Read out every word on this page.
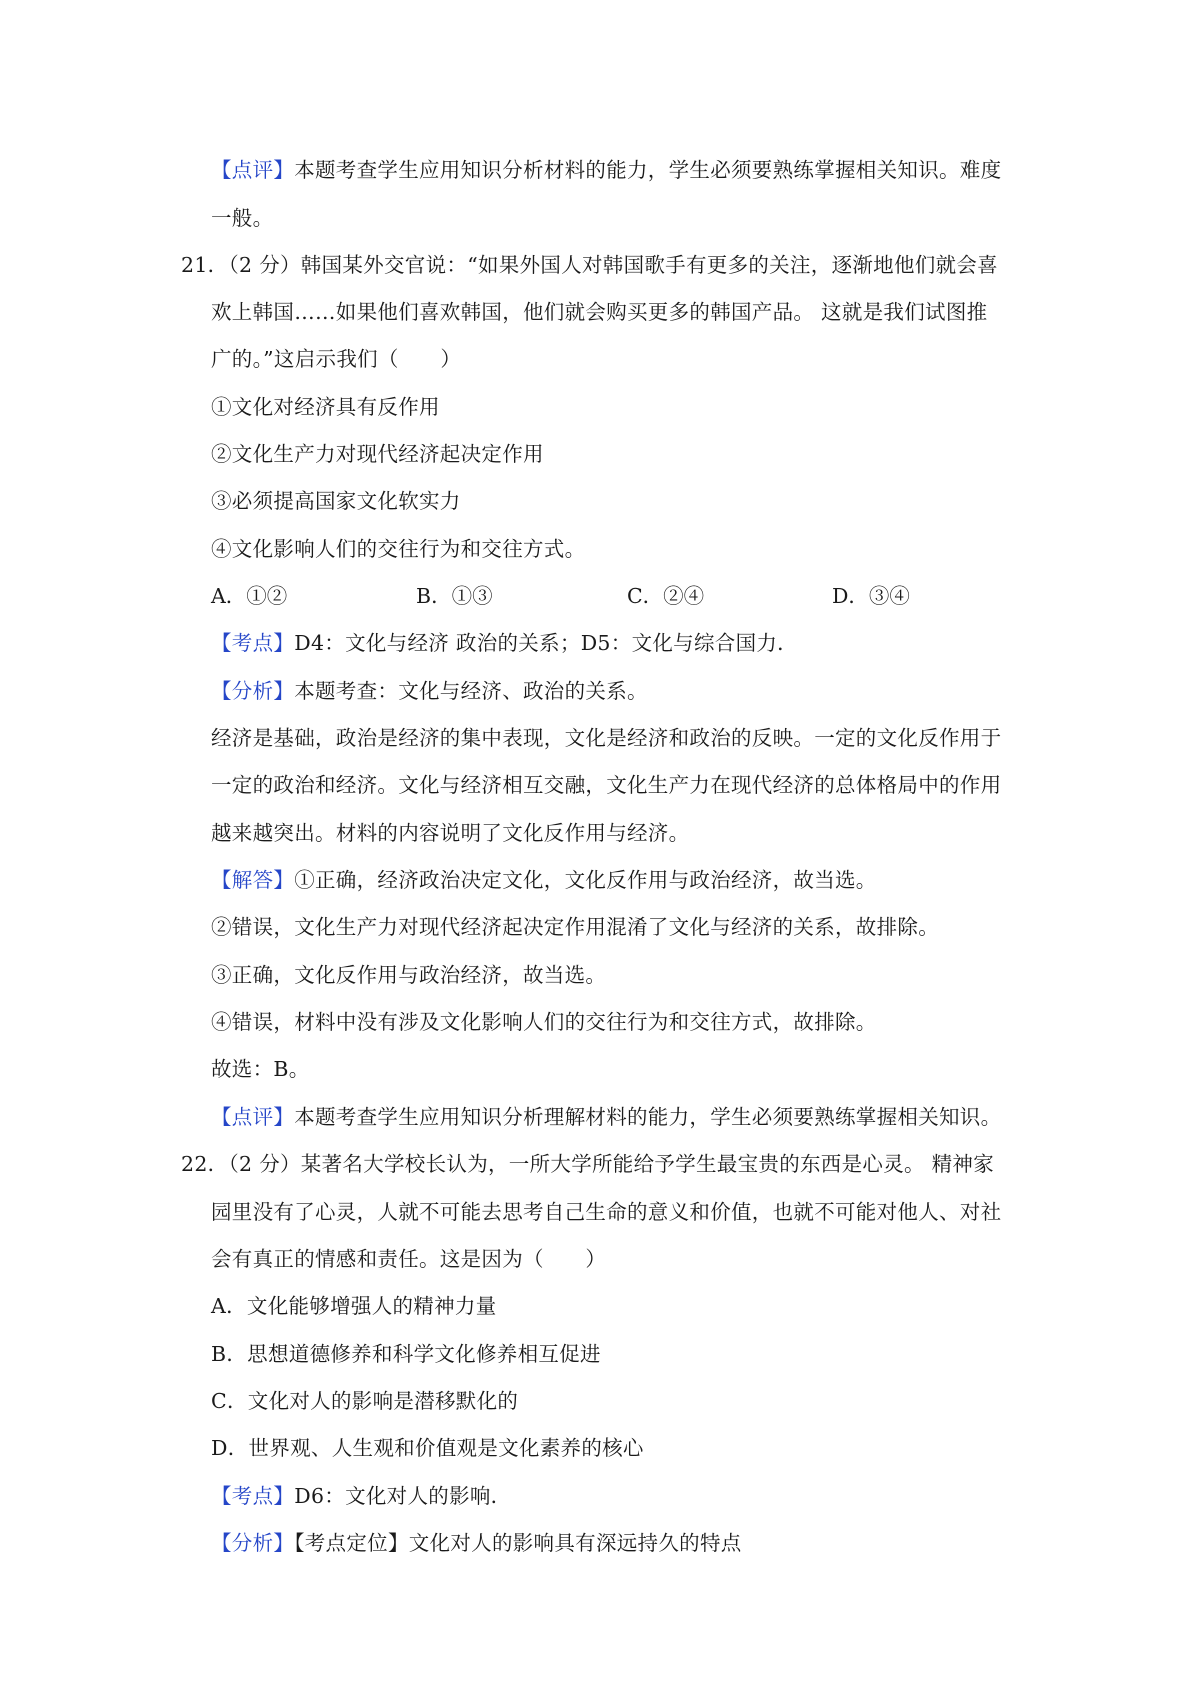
【点评】本题考查学生应用知识分析材料的能力，学生必须要熟练掌握相关知识。难度
一般。
21．（2 分）韩国某外交官说：“如果外国人对韩国歌手有更多的关注，逐渐地他们就会喜
欢上韩国……如果他们喜欢韩国，他们就会购买更多的韩国产品。 这就是我们试图推
广的。”这启示我们（　　）
①文化对经济具有反作用
②文化生产力对现代经济起决定作用
③必须提高国家文化软实力
④文化影响人们的交往行为和交往方式。
A．①②	B．①③	C．②④	D．③④
【考点】D4：文化与经济 政治的关系；D5：文化与综合国力．
【分析】本题考查：文化与经济、政治的关系。
经济是基础，政治是经济的集中表现，文化是经济和政治的反映。一定的文化反作用于
一定的政治和经济。文化与经济相互交融，文化生产力在现代经济的总体格局中的作用
越来越突出。材料的内容说明了文化反作用与经济。
【解答】①正确，经济政治决定文化，文化反作用与政治经济，故当选。
②错误，文化生产力对现代经济起决定作用混淆了文化与经济的关系，故排除。
③正确，文化反作用与政治经济，故当选。
④错误，材料中没有涉及文化影响人们的交往行为和交往方式，故排除。
故选：B。
【点评】本题考查学生应用知识分析理解材料的能力，学生必须要熟练掌握相关知识。
22．（2 分）某著名大学校长认为，一所大学所能给予学生最宝贵的东西是心灵。 精神家
园里没有了心灵，人就不可能去思考自己生命的意义和价值，也就不可能对他人、对社
会有真正的情感和责任。这是因为（　　）
A．文化能够增强人的精神力量
B．思想道德修养和科学文化修养相互促进
C．文化对人的影响是潜移默化的
D．世界观、人生观和价值观是文化素养的核心
【考点】D6：文化对人的影响．
【分析】【考点定位】文化对人的影响具有深远持久的特点
